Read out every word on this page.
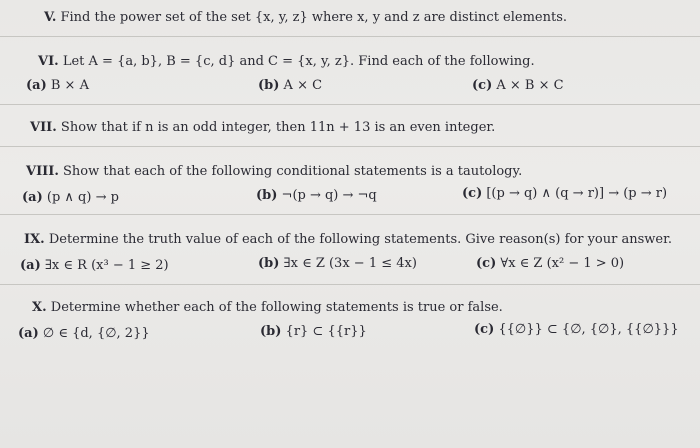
V. Find the power set of the set {x, y, z} where x, y and z are distinct elements.
VI. Let A = {a, b}, B = {c, d} and C = {x, y, z}. Find each of the following.
(a) B × A	(b) A × C	(c) A × B × C
VII. Show that if n is an odd integer, then 11n + 13 is an even integer.
VIII. Show that each of the following conditional statements is a tautology.
(a) (p ∧ q) → p	(b) ¬(p → q) → ¬q	(c) [(p → q) ∧ (q → r)] → (p → r)
IX. Determine the truth value of each of the following statements. Give reason(s) for your answer.
(a) ∃x ∈ R (x³ − 1 ≥ 2)	(b) ∃x ∈ Z (3x − 1 ≤ 4x)	(c) ∀x ∈ Z (x² − 1 > 0)
X. Determine whether each of the following statements is true or false.
(a) ∅ ∈ {d, {∅, 2}}	(b) {r} ⊂ {{r}}	(c) {{∅}} ⊂ {∅, {∅}, {{∅}}}
